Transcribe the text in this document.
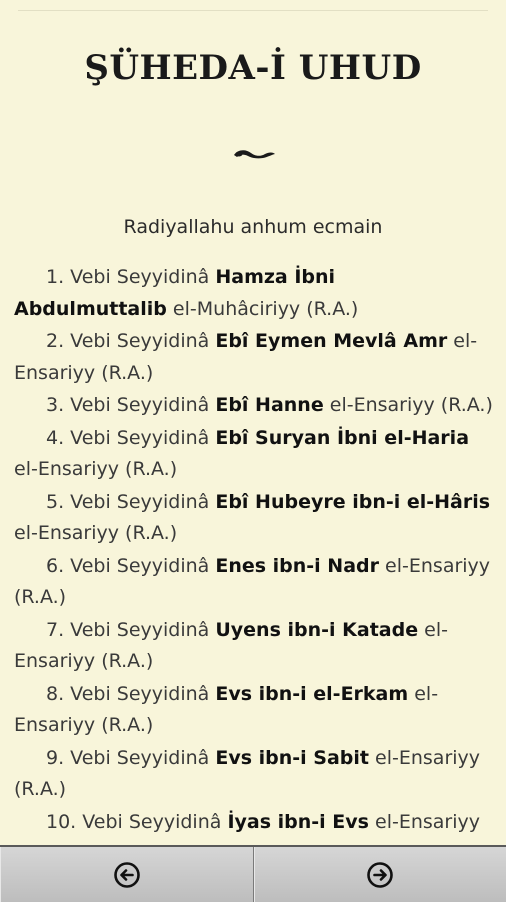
ŞÜHEDA-İ UHUD
Radiyallahu anhum ecmain
1. Vebi Seyyidinâ Hamza İbni Abdulmuttalib el-Muhâciriyy (R.A.)
2. Vebi Seyyidinâ Ebî Eymen Mevlâ Amr el-Ensariyy (R.A.)
3. Vebi Seyyidinâ Ebî Hanne el-Ensariyy (R.A.)
4. Vebi Seyyidinâ Ebî Suryan İbni el-Haria el-Ensariyy (R.A.)
5. Vebi Seyyidinâ Ebî Hubeyre ibn-i el-Hâris el-Ensariyy (R.A.)
6. Vebi Seyyidinâ Enes ibn-i Nadr el-Ensariyy (R.A.)
7. Vebi Seyyidinâ Uyens ibn-i Katade el-Ensariyy (R.A.)
8. Vebi Seyyidinâ Evs ibn-i el-Erkam el-Ensariyy (R.A.)
9. Vebi Seyyidinâ Evs ibn-i Sabit el-Ensariyy (R.A.)
10. Vebi Seyyidinâ İyas ibn-i Evs el-Ensariyy
